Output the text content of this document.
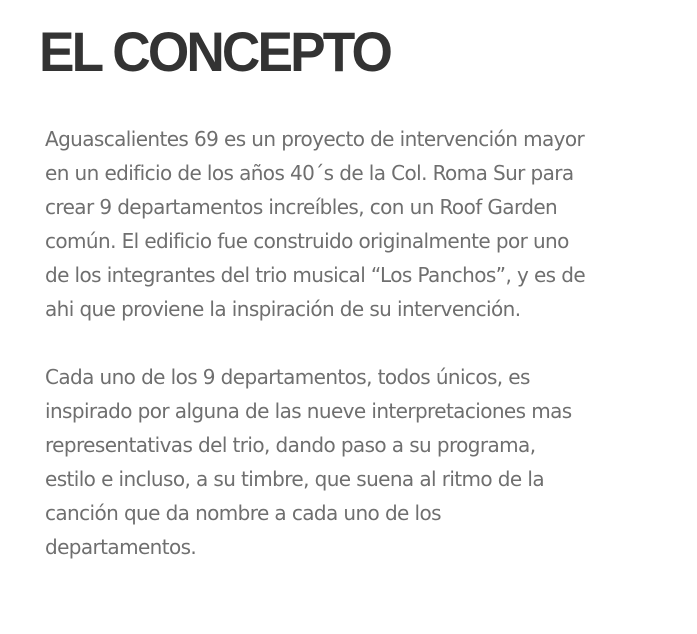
EL CONCEPTO

Aguascalientes 69 es un proyecto de intervención mayor
en un edificio de los años 40´s de la Col. Roma Sur para
crear 9 departamentos increíbles, con un Roof Garden
común. El edificio fue construido originalmente por uno
de los integrantes del trio musical “Los Panchos”, y es de
ahi que proviene la inspiración de su intervención.

Cada uno de los 9 departamentos, todos únicos, es
inspirado por alguna de las nueve interpretaciones mas
representativas del trio, dando paso a su programa,
estilo e incluso, a su timbre, que suena al ritmo de la
canción que da nombre a cada uno de los
departamentos.
